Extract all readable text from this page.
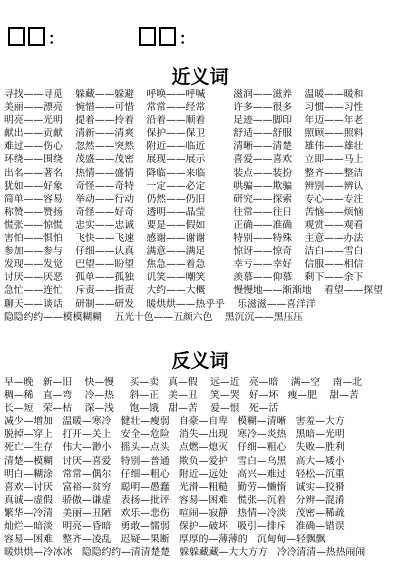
：	：
近义词
寻找——寻觅    躲藏——躲避    呼唤——呼喊         滋润——滋养    温暖——暖和
美丽——漂亮    惋惜——可惜    常常——经常         许多——很多    习惯——习性
明亮——光明    提着——拎着    沿着——顺着         足迹——脚印    年迈——年老
献出——贡献    清新——清爽    保护——保卫         舒适——舒服    照顾——照料
难过——伤心    忽然——突然    附近——临近         清晰——清楚    雄伟——雄壮
环绕——围绕    茂盛——茂密    展现——展示         喜爱——喜欢    立即——马上
出名——著名    热情——盛情    降临——来临         装点——装扮    整齐——整洁
犹如——好象    奇怪——奇特    一定——必定         哄骗——欺骗    辨别——辨认
简单——容易    举动——行动    仍然——仍旧         研究——探索    专心——专注
称赞——赞扬    奇怪——好奇    透明——晶莹         往常——往日    苦恼——烦恼
慌张——惊慌    忠实——忠诚    要是——假如         正确——准确    观赏——观看
害怕——惧怕    飞快——飞速    感谢——谢谢         特别——特殊    主意——办法
参加——参与    仔细——认真    满意——满足         惊讶——惊奇    洁白——雪白
发现——发觉    巴望——盼望    焦急——着急         幸亏——幸好    信服——相信
讨厌——厌恶    孤单——孤独    讥笑——嘲笑         羡慕——仰慕    剩下——余下
急忙——连忙    斥责——指责    大约——大概         慢慢地——渐渐地    看望——探望
聊天——谈话    研制——研发    暖烘烘——热乎乎    乐滋滋——喜洋洋
隐隐约约——模模糊糊    五光十色——五颜六色    黑沉沉——黑压压
反义词
早—晚   新—旧    快—慢     买—卖   真—假    远—近   亮—暗    满—空    南—北
稠—稀   直—弯    冷—热     斜—正   美—丑    笑—哭   好—坏   瘦—肥    甜—苦
长—短   荣—枯    深—浅     饱—饿   甜—苦    爱—恨   死—活
减少—增加   温暖—寒冷   健壮—瘦弱   自豪—自卑   模糊—清晰   害羞—大方
脱掉—穿上   打开—关上   安全—危险   消失—出现   寒冷—炎热   黑暗—光明
死亡—生存   伟大—渺小   摇头—点头   点燃—熄灭   仔细—粗心   失败—胜利
清楚—模糊   讨厌—喜爱   特别—普通   欺负—爱护   雪白—乌黑   高大—矮小
明白—糊涂   常常—偶尔   仔细—粗心   附近—远处   高兴—难过   轻松—沉重
喜欢—讨厌   富裕—贫穷   聪明—愚蠢   光滑—粗糙   勤劳—懒惰   诚实—狡猾
真诚—虚假   骄傲—谦虚   表扬—批评   容易—困难   慌张—沉着   分辨—混淆
繁华—冷清   美丽—丑陋   欢乐—悲伤   喧闹—寂静   热情—冷淡   茂密—稀疏
灿烂—暗淡   明亮—昏暗   勇敢—懦弱   保护—破坏   吸引—排斥   准确—错误
容易—困难   整齐—凌乱   迟疑—果断   厚厚的—薄薄的   沉甸甸—轻飘飘
暖烘烘—冷冰冰   隐隐约约—清清楚楚   躲躲藏藏—大大方方   冷冷清清—热热闹闹
